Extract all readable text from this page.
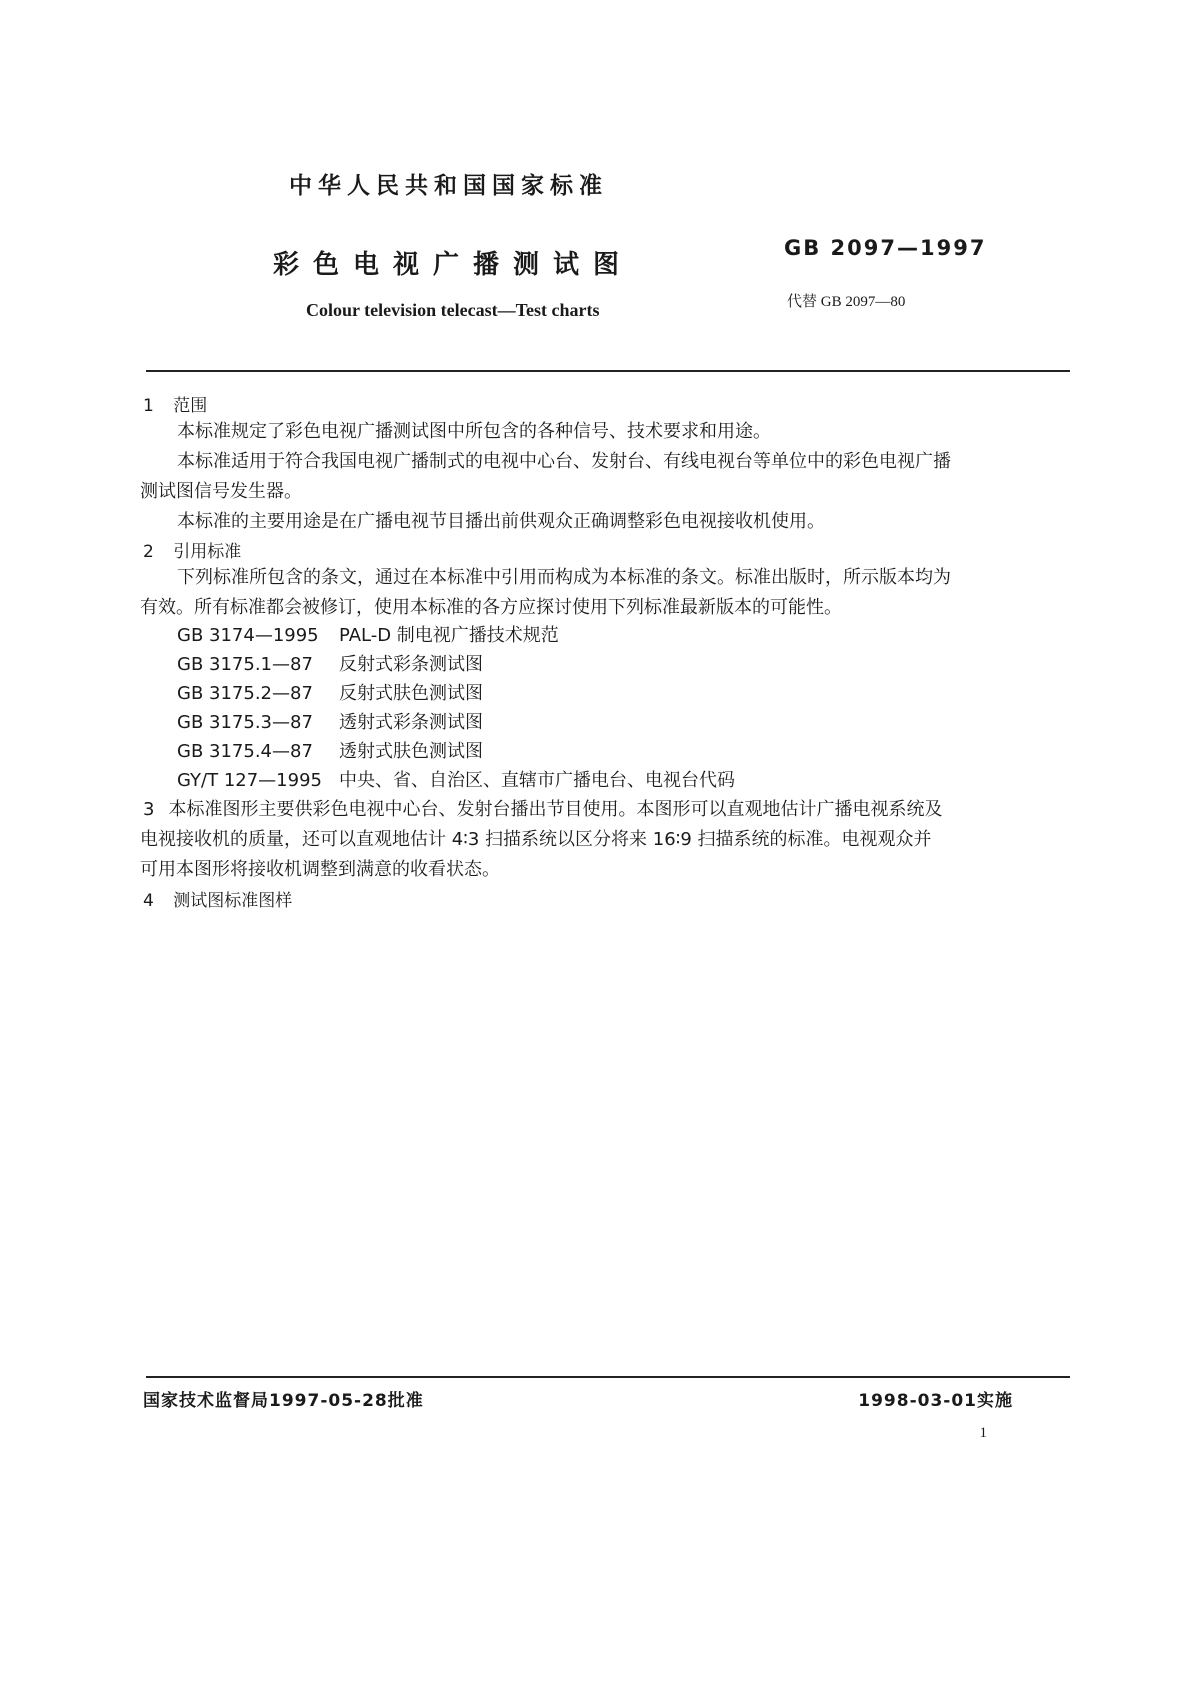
中华人民共和国国家标准
彩色电视广播测试图
GB 2097—1997
代替 GB 2097—80
Colour television telecast—Test charts
1 范围
本标准规定了彩色电视广播测试图中所包含的各种信号、技术要求和用途。
本标准适用于符合我国电视广播制式的电视中心台、发射台、有线电视台等单位中的彩色电视广播
测试图信号发生器。
本标准的主要用途是在广播电视节目播出前供观众正确调整彩色电视接收机使用。
2 引用标准
下列标准所包含的条文，通过在本标准中引用而构成为本标准的条文。标准出版时，所示版本均为
有效。所有标准都会被修订，使用本标准的各方应探讨使用下列标准最新版本的可能性。
GB 3174—1995 PAL-D 制电视广播技术规范
GB 3175.1—87 反射式彩条测试图
GB 3175.2—87 反射式肤色测试图
GB 3175.3—87 透射式彩条测试图
GB 3175.4—87 透射式肤色测试图
GY/T 127—1995 中央、省、自治区、直辖市广播电台、电视台代码
3 本标准图形主要供彩色电视中心台、发射台播出节目使用。本图形可以直观地估计广播电视系统及
电视接收机的质量，还可以直观地估计 4∶3 扫描系统以区分将来 16∶9 扫描系统的标准。电视观众并
可用本图形将接收机调整到满意的收看状态。
4 测试图标准图样
国家技术监督局1997-05-28批准	1998-03-01实施
1
